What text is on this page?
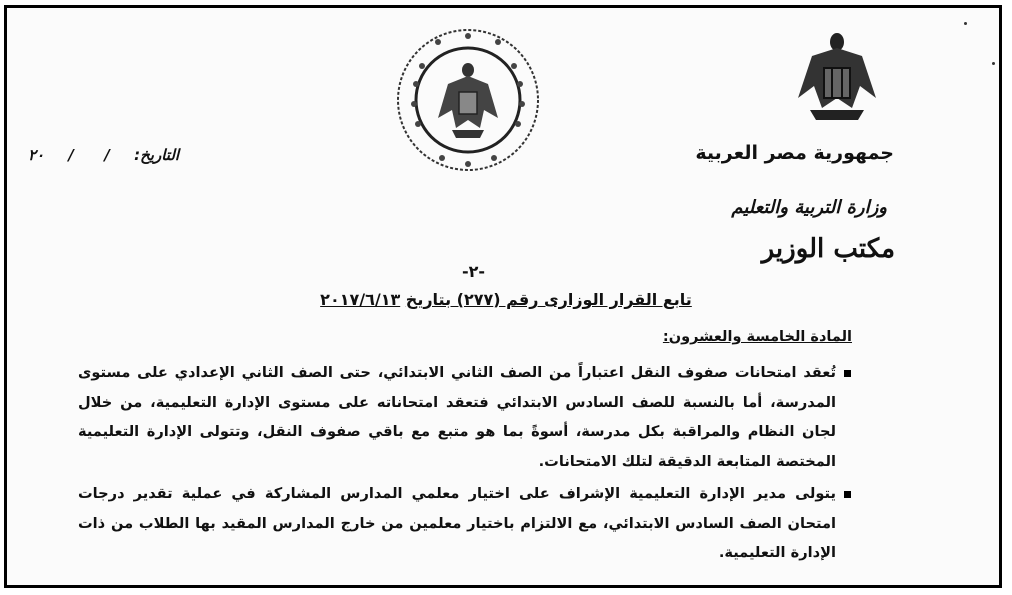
جمهورية مصر العربية
وزارة التربية والتعليم
مكتب الوزير
التاريخ:
/
/
٢٠
-٢-
تابع القرار الوزارى رقم (٢٧٧) بتاريخ ٢٠١٧/٦/١٣
المادة الخامسة والعشرون:

تُعقد امتحانات صفوف النقل اعتباراً من الصف الثاني الابتدائي، حتى الصف الثاني الإعدادي على مستوى المدرسة، أما بالنسبة للصف السادس الابتدائي فتعقد امتحاناته على مستوى الإدارة التعليمية، من خلال لجان النظام والمراقبة بكل مدرسة، أسوةً بما هو متبع مع باقي صفوف النقل، وتتولى الإدارة التعليمية المختصة المتابعة الدقيقة لتلك الامتحانات.

يتولى مدير الإدارة التعليمية الإشراف على اختيار معلمي المدارس المشاركة في عملية تقدير درجات امتحان الصف السادس الابتدائي، مع الالتزام باختيار معلمين من خارج المدارس المقيد بها الطلاب من ذات الإدارة التعليمية.
